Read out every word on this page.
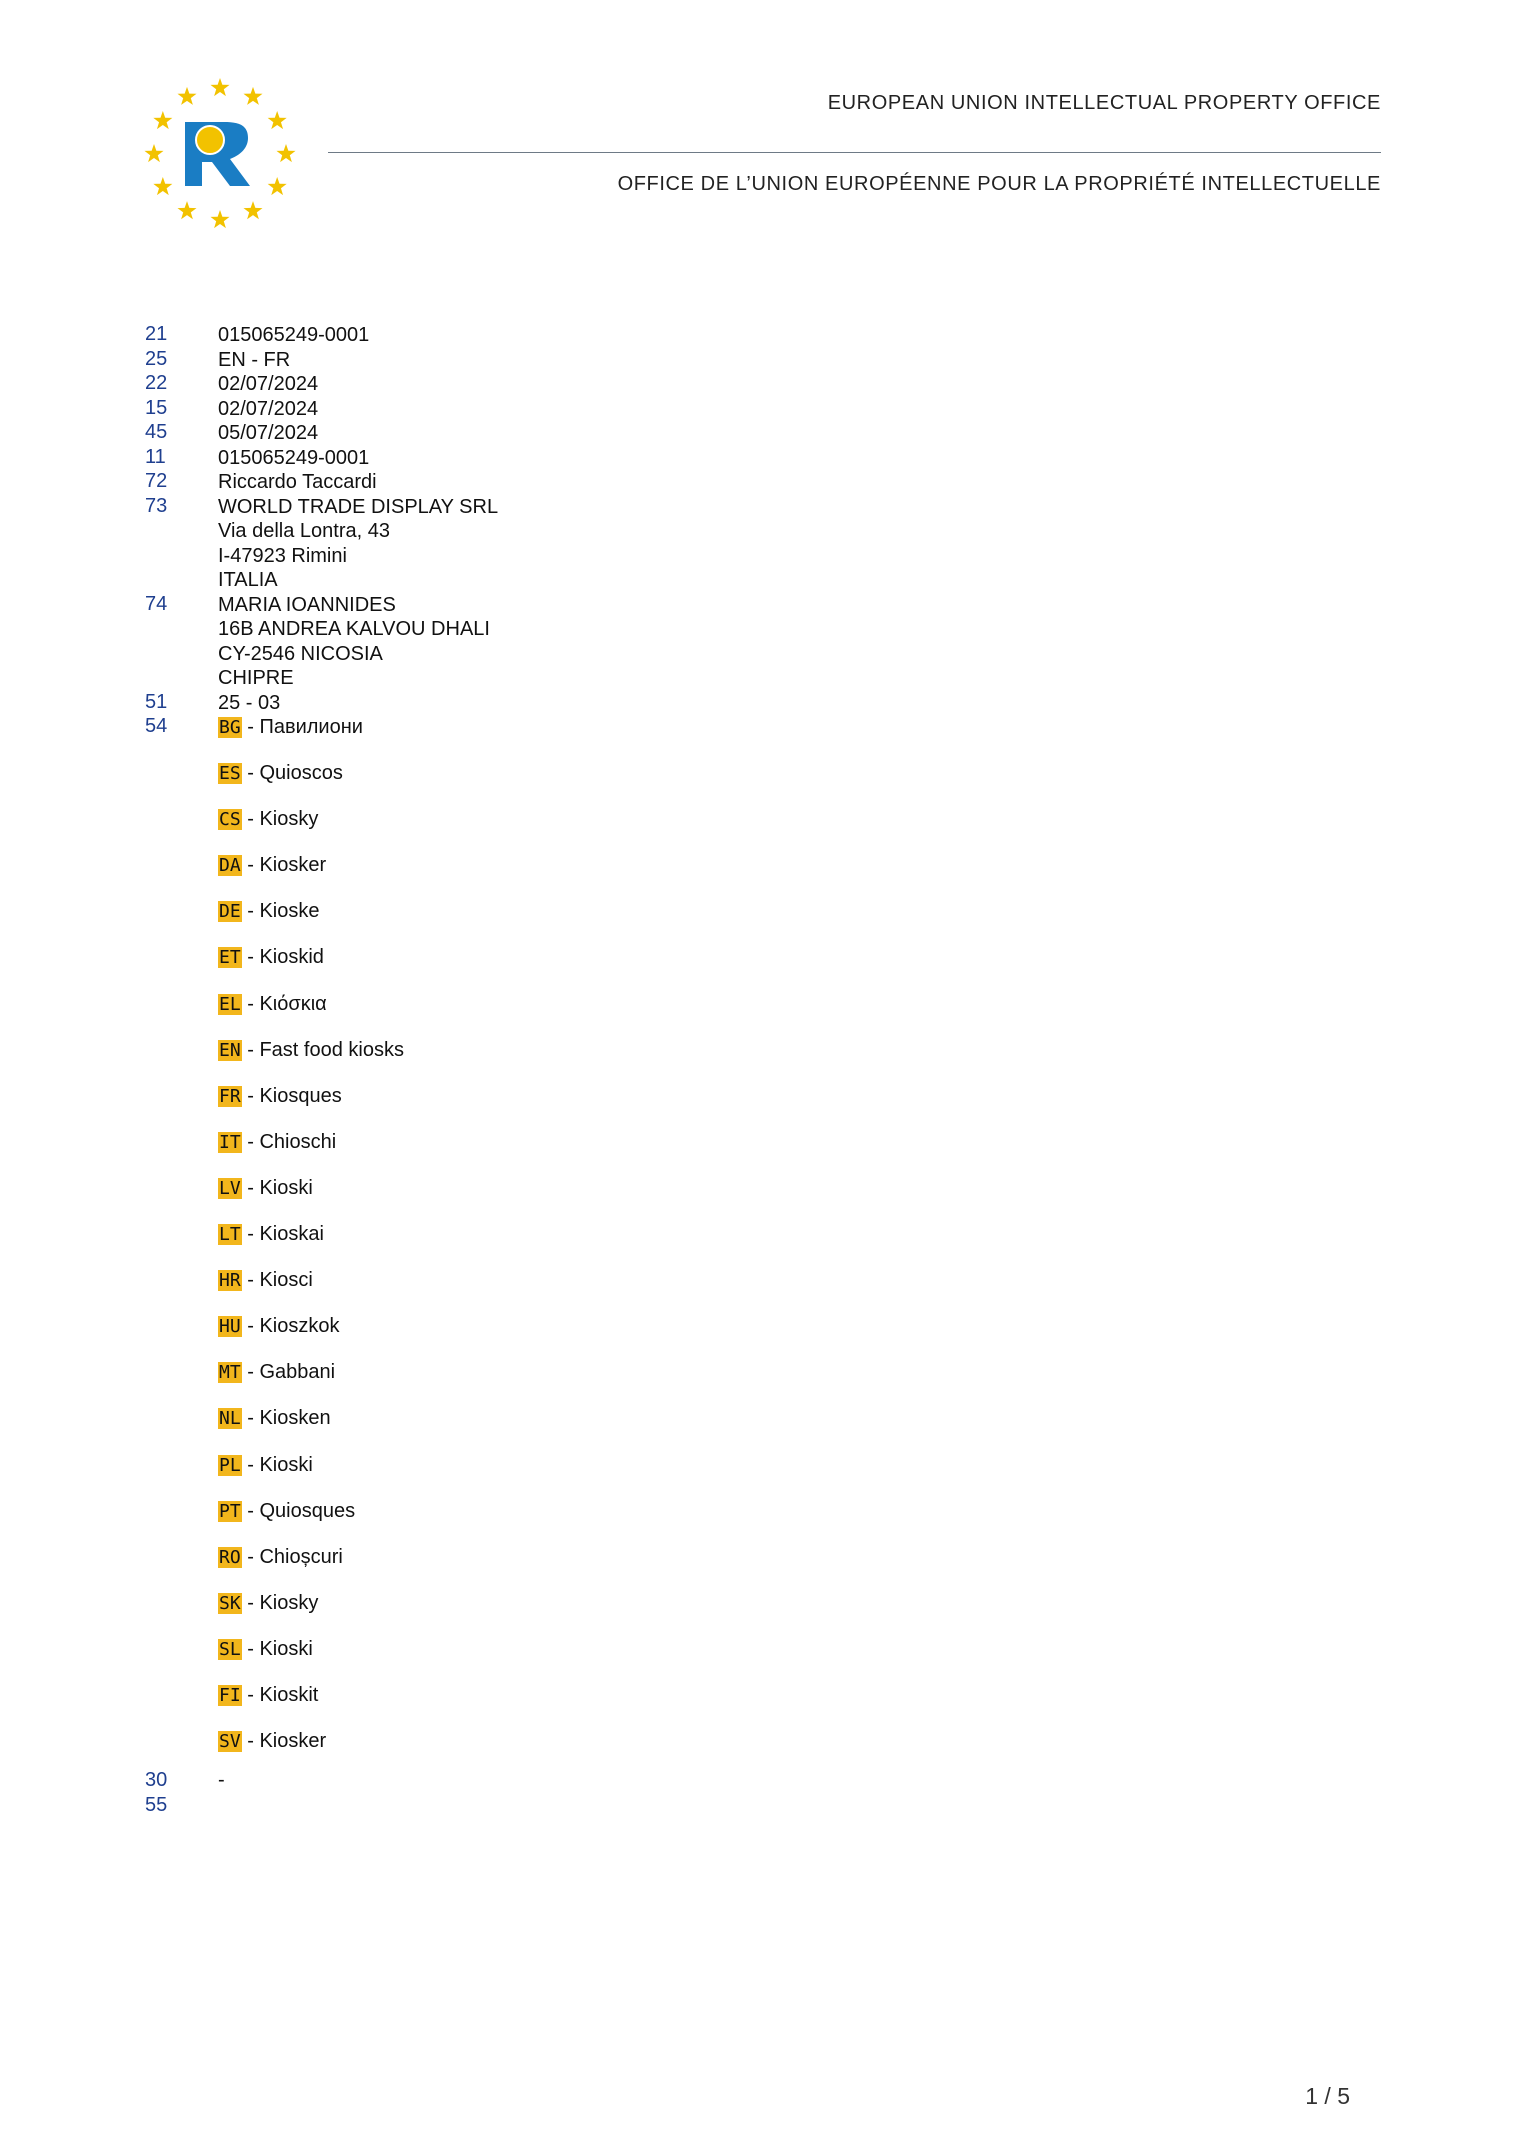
EUROPEAN UNION INTELLECTUAL PROPERTY OFFICE
OFFICE DE L’UNION EUROPÉENNE POUR LA PROPRIÉTÉ INTELLECTUELLE
21	015065249-0001
25	EN - FR
22	02/07/2024
15	02/07/2024
45	05/07/2024
11	015065249-0001
72	Riccardo Taccardi
73	WORLD TRADE DISPLAY SRL
Via della Lontra, 43
I-47923 Rimini
ITALIA
74	MARIA IOANNIDES
16B ANDREA KALVOU DHALI
CY-2546 NICOSIA
CHIPRE
51	25 - 03
54	BG - Павилиони
ES - Quioscos
CS - Kiosky
DA - Kiosker
DE - Kioske
ET - Kioskid
EL - Κιόσκια
EN - Fast food kiosks
FR - Kiosques
IT - Chioschi
LV - Kioski
LT - Kioskai
HR - Kiosci
HU - Kioszkok
MT - Gabbani
NL - Kiosken
PL - Kioski
PT - Quiosques
RO - Chioșcuri
SK - Kiosky
SL - Kioski
FI - Kioskit
SV - Kiosker
30	-
55
1 / 5
